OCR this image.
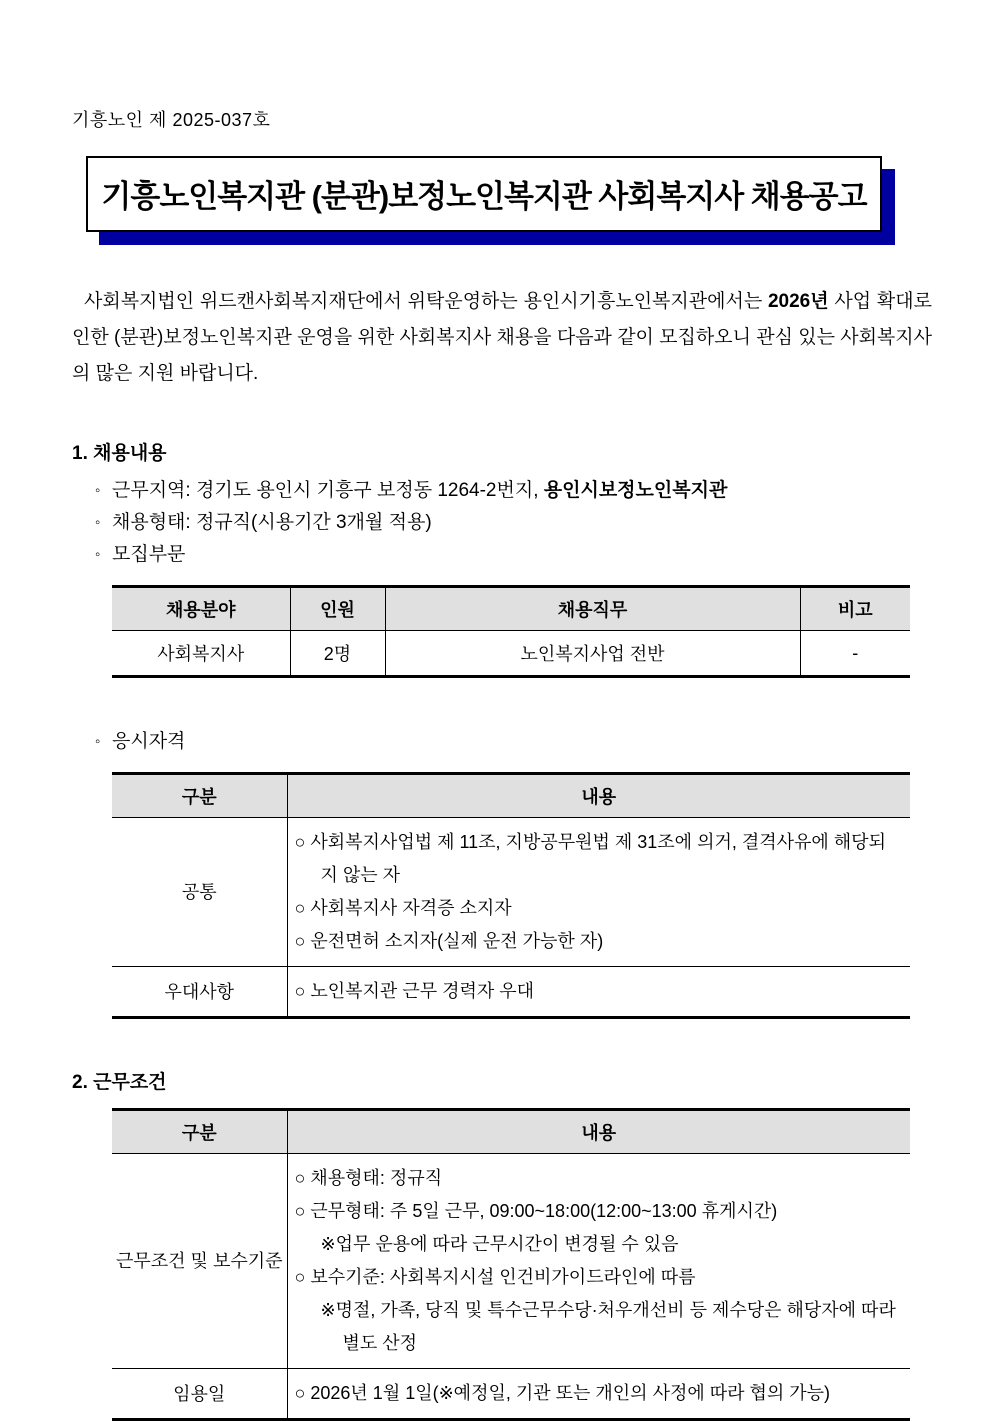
기흥노인 제 2025-037호
기흥노인복지관 (분관)보정노인복지관 사회복지사 채용공고

사회복지법인 위드캔사회복지재단에서 위탁운영하는 용인시기흥노인복지관에서는 2026년 사업 확대로 인한 (분관)보정노인복지관 운영을 위한 사회복지사 채용을 다음과 같이 모집하오니 관심 있는 사회복지사의 많은 지원 바랍니다.

1. 채용내용
◦ 근무지역: 경기도 용인시 기흥구 보정동 1264-2번지, 용인시보정노인복지관
◦ 채용형태: 정규직(시용기간 3개월 적용)
◦ 모집부문
채용분야	인원	채용직무	비고
사회복지사	2명	노인복지사업 전반	-
◦ 응시자격
구분	내용
공통	○ 사회복지사업법 제 11조, 지방공무원법 제 31조에 의거, 결격사유에 해당되지 않는 자
○ 사회복지사 자격증 소지자
○ 운전면허 소지자(실제 운전 가능한 자)

우대사항	○ 노인복지관 근무 경력자 우대
2. 근무조건
구분	내용
근무조건 및 보수기준	○ 채용형태: 정규직
○ 근무형태: 주 5일 근무, 09:00~18:00(12:00~13:00 휴게시간)
※업무 운용에 따라 근무시간이 변경될 수 있음
○ 보수기준: 사회복지시설 인건비가이드라인에 따름
※명절, 가족, 당직 및 특수근무수당·처우개선비 등 제수당은 해당자에 따라 별도 산정

임용일	○ 2026년 1월 1일(※예정일, 기관 또는 개인의 사정에 따라 협의 가능)
